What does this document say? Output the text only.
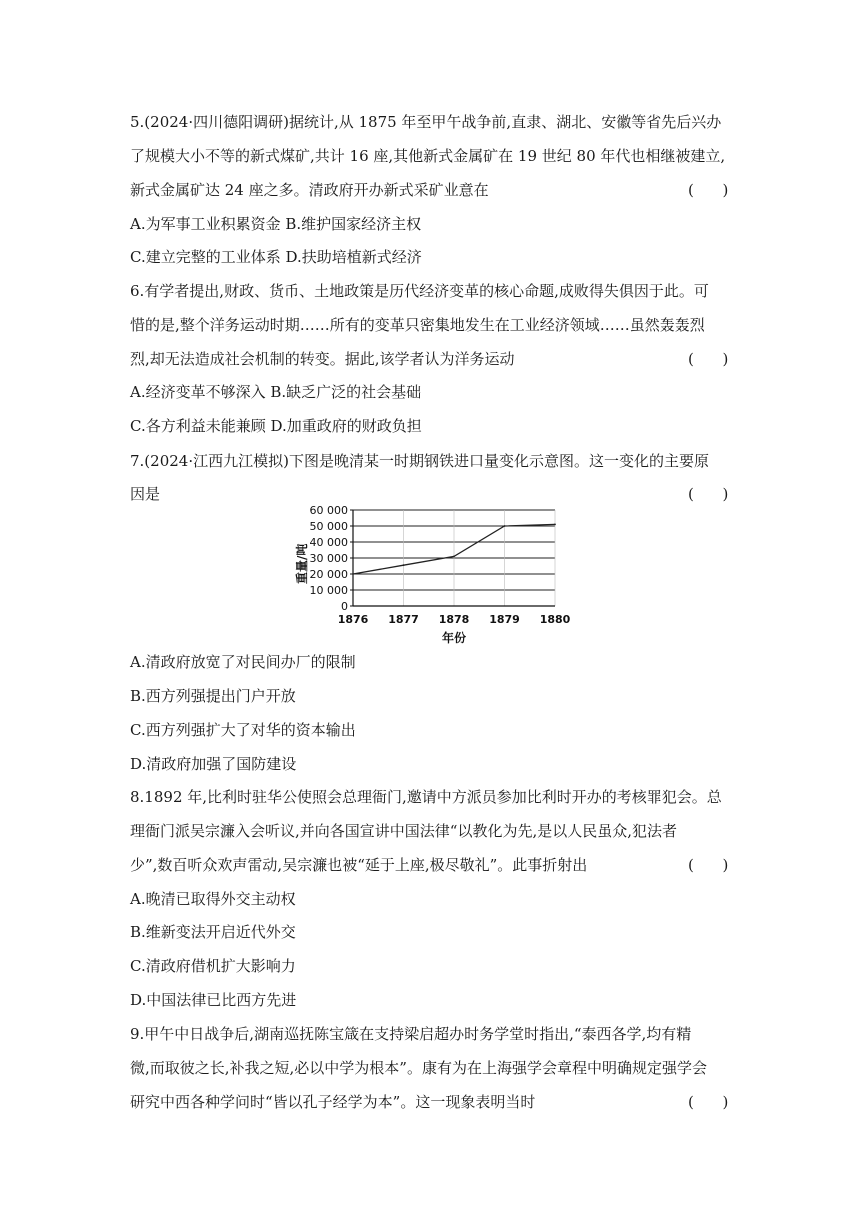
5.(2024·四川德阳调研)据统计,从 1875 年至甲午战争前,直隶、湖北、安徽等省先后兴办
了规模大小不等的新式煤矿,共计 16 座,其他新式金属矿在 19 世纪 80 年代也相继被建立,
新式金属矿达 24 座之多。清政府开办新式采矿业意在	(      )
A.为军事工业积累资金 B.维护国家经济主权
C.建立完整的工业体系 D.扶助培植新式经济
6.有学者提出,财政、货币、土地政策是历代经济变革的核心命题,成败得失俱因于此。可
惜的是,整个洋务运动时期……所有的变革只密集地发生在工业经济领域……虽然轰轰烈
烈,却无法造成社会机制的转变。据此,该学者认为洋务运动	(      )
A.经济变革不够深入 B.缺乏广泛的社会基础
C.各方利益未能兼顾 D.加重政府的财政负担
7.(2024·江西九江模拟)下图是晚清某一时期钢铁进口量变化示意图。这一变化的主要原
因是	(      )
0
10 000
20 000
30 000
40 000
50 000
60 000
1876 1877 1878 1879 1880
重量/吨
年份
A.清政府放宽了对民间办厂的限制
B.西方列强提出门户开放
C.西方列强扩大了对华的资本输出
D.清政府加强了国防建设
8.1892 年,比利时驻华公使照会总理衙门,邀请中方派员参加比利时开办的考核罪犯会。总
理衙门派吴宗濂入会听议,并向各国宣讲中国法律“以教化为先,是以人民虽众,犯法者
少”,数百听众欢声雷动,吴宗濂也被“延于上座,极尽敬礼”。此事折射出	(      )
A.晚清已取得外交主动权
B.维新变法开启近代外交
C.清政府借机扩大影响力
D.中国法律已比西方先进
9.甲午中日战争后,湖南巡抚陈宝箴在支持梁启超办时务学堂时指出,“泰西各学,均有精
微,而取彼之长,补我之短,必以中学为根本”。康有为在上海强学会章程中明确规定强学会
研究中西各种学问时“皆以孔子经学为本”。这一现象表明当时	(      )
